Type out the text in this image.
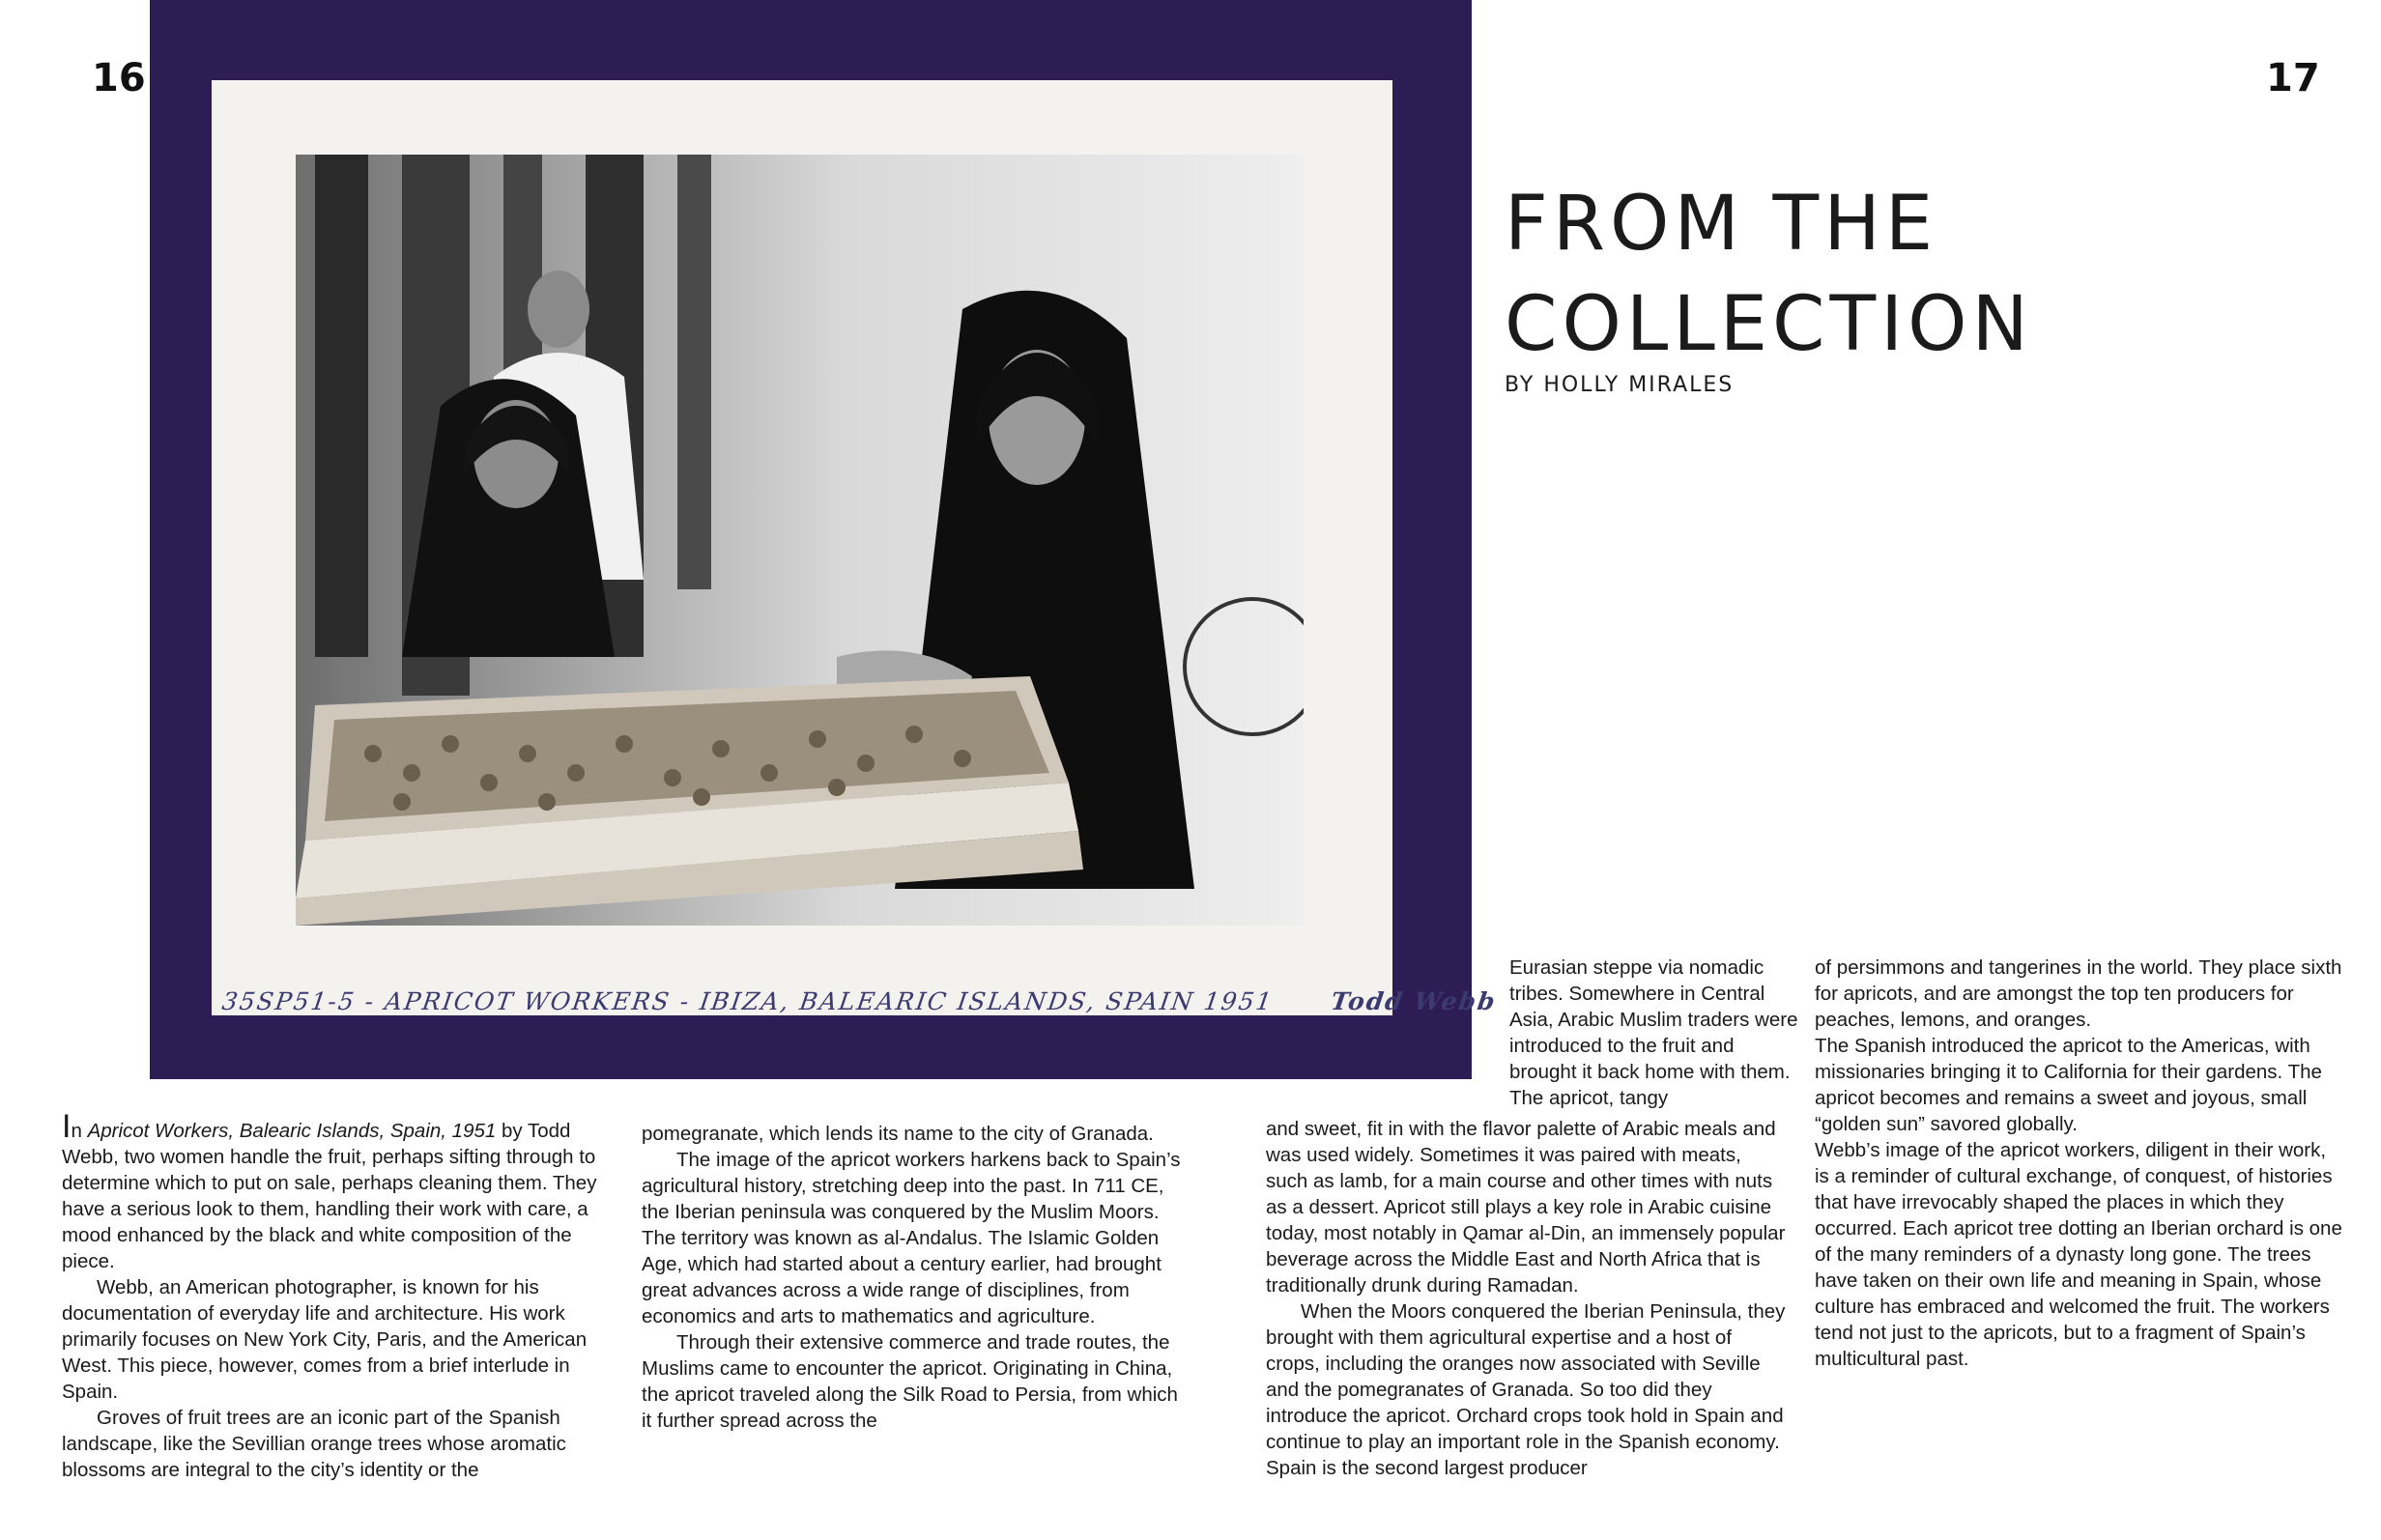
16	17
35SP51-5 - APRICOT WORKERS - IBIZA, BALEARIC ISLANDS, SPAIN 1951 Todd Webb
FROM THE
COLLECTION
BY HOLLY MIRALES

In Apricot Workers, Balearic Islands, Spain, 1951 by Todd Webb, two women handle the fruit, perhaps sifting through to determine which to put on sale, perhaps cleaning them. They have a serious look to them, handling their work with care, a mood enhanced by the black and white composition of the piece.

Webb, an American photographer, is known for his documentation of everyday life and architecture. His work primarily focuses on New York City, Paris, and the American West. This piece, however, comes from a brief interlude in Spain.

Groves of fruit trees are an iconic part of the Spanish landscape, like the Sevillian orange trees whose aromatic blossoms are integral to the city’s identity or the

pomegranate, which lends its name to the city of Granada.

The image of the apricot workers harkens back to Spain’s agricultural history, stretching deep into the past. In 711 CE, the Iberian peninsula was conquered by the Muslim Moors. The territory was known as al-Andalus. The Islamic Golden Age, which had started about a century earlier, had brought great advances across a wide range of disciplines, from economics and arts to mathematics and agriculture.

Through their extensive commerce and trade routes, the Muslims came to encounter the apricot. Originating in China, the apricot traveled along the Silk Road to Persia, from which it further spread across the

Eurasian steppe via nomadic tribes. Somewhere in Central Asia, Arabic Muslim traders were introduced to the fruit and brought it back home with them. The apricot, tangy

and sweet, fit in with the flavor palette of Arabic meals and was used widely. Sometimes it was paired with meats, such as lamb, for a main course and other times with nuts as a dessert. Apricot still plays a key role in Arabic cuisine today, most notably in Qamar al-Din, an immensely popular beverage across the Middle East and North Africa that is traditionally drunk during Ramadan.

When the Moors conquered the Iberian Peninsula, they brought with them agricultural expertise and a host of crops, including the oranges now associated with Seville and the pomegranates of Granada. So too did they introduce the apricot. Orchard crops took hold in Spain and continue to play an important role in the Spanish economy. Spain is the second largest producer

of persimmons and tangerines in the world. They place sixth for apricots, and are amongst the top ten producers for peaches, lemons, and oranges.

The Spanish introduced the apricot to the Americas, with missionaries bringing it to California for their gardens. The apricot becomes and remains a sweet and joyous, small “golden sun” savored globally.

Webb’s image of the apricot workers, diligent in their work, is a reminder of cultural exchange, of conquest, of histories that have irrevocably shaped the places in which they occurred. Each apricot tree dotting an Iberian orchard is one of the many reminders of a dynasty long gone. The trees have taken on their own life and meaning in Spain, whose culture has embraced and welcomed the fruit. The workers tend not just to the apricots, but to a fragment of Spain’s multicultural past.
